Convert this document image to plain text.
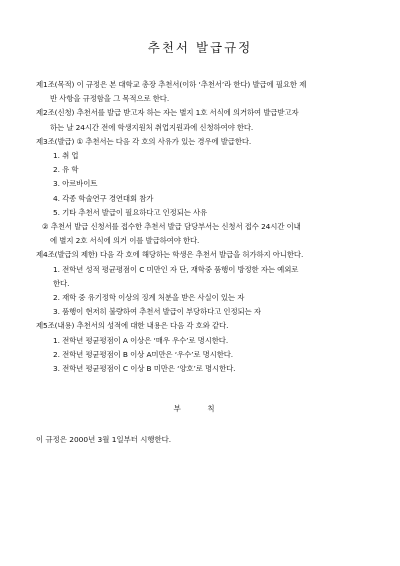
추천서 발급규정

제1조(목적) 이 규정은 본 대학교 총장 추천서(이하 ‘추천서’라 한다) 발급에 필요한 제

반 사항을 규정함을 그 목적으로 한다.

제2조(신청) 추천서를 발급 받고자 하는 자는 별지 1호 서식에 의거하여 발급받고자

하는 날 24시간 전에 학생지원처 취업지원과에 신청하여야 한다.

제3조(발급) ① 추천서는 다음 각 호의 사유가 있는 경우에 발급한다.

1. 취 업

2. 유 학

3. 아르바이트

4. 각종 학술연구 경연대회 참가

5. 기타 추천서 발급이 필요하다고 인정되는 사유

② 추천서 발급 신청서를 접수한 추천서 발급 담당부서는 신청서 접수 24시간 이내

에 별지 2호 서식에 의거 이를 발급하여야 한다.

제4조(발급의 제한) 다음 각 호에 해당하는 학생은 추천서 발급을 허가하지 아니한다.

1. 전학년 성적 평균평점이 C 미만인 자 단, 재학중 품행이 방정한 자는 예외로

한다.

2. 재학 중 유기정학 이상의 징계 처분을 받은 사실이 있는 자

3. 품행이 현저히 불량하여 추천서 발급이 부당하다고 인정되는 자

제5조(내용) 추천서의 성적에 대한 내용은 다음 각 호와 같다.

1. 전학년 평균평점이 A 이상은 ‘매우 우수’로 명시한다.

2. 전학년 평균평점이 B 이상 A미만은 ‘우수’로 명시한다.

3. 전학년 평균평점이 C 이상 B 미만은 ‘양호’로 명시한다.

부 칙

이 규정은 2000년 3월 1일부터 시행한다.
